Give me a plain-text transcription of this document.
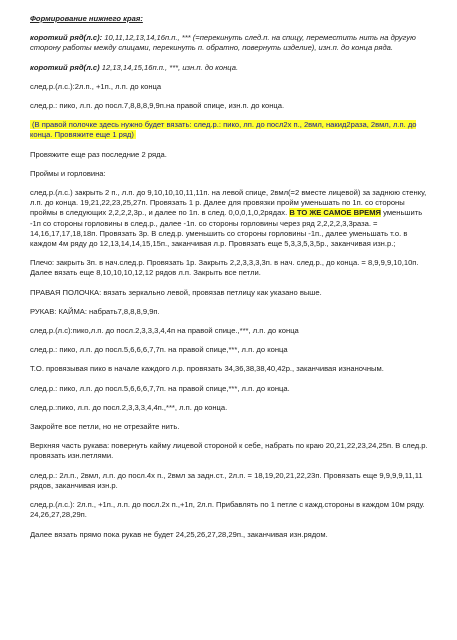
Формирование нижнего края:

короткий ряд(л.с): 10,11,12,13,14,16п.п., *** (=перекинуть след.п. на спицу, переместить нить на другую сторону работы между спицами, перекинуть п. обратно, повернуть изделие), изн.п. до конца ряда.

короткий ряд(л.с) 12,13,14,15,16п.п., ***, изн.п. до конца.

след.р.(л.с.):2л.п., +1п., л.п. до конца

след.р.: пико, л.п. до посл.7,8,8,8,9,9п.на правой спице, изн.п. до конца.

(В правой полочке здесь нужно будет вязать: след.р.: пико, лп. до посл2х п., 2вмл, накид2раза, 2вмл, л.п. до конца. Провяжите еще 1 ряд)

Провяжите еще раз последние 2 ряда.

Проймы и горловина:

след.р.(л.с.) закрыть 2 п., л.п. до 9,10,10,10,11,11п. на левой спице, 2вмл(=2 вместе лицевой) за заднюю стенку, л.п. до конца. 19,21,22,23,25,27п. Провязать 1 р. Далее для провязки пройм уменьшать по 1п. со стороны проймы в следующих 2,2,2,2,3р., и далее по 1п. в след. 0,0,0,1,0,2рядах. В ТО ЖЕ САМОЕ ВРЕМЯ уменьшить -1п со стороны горловины в след.р., далее -1п. со стороны горловины через ряд 2,2,2,2,3,3раза. = 14,16,17,17,18,18п. Провязать 3р. В след.р. уменьшить со стороны горловины -1п., далее уменьшать т.о. в каждом 4м ряду до 12,13,14,14,15,15п., заканчивая л.р. Провязать еще 5,3,3,5,3,5р., заканчивая изн.р.;

Плечо: закрыть 3п. в нач.след.р. Провязать 1р. Закрыть 2,2,3,3,3,3п. в нач. след.р., до конца. = 8,9,9,9,10,10п. Далее вязать еще 8,10,10,10,12,12 рядов л.п. Закрыть все петли.

ПРАВАЯ ПОЛОЧКА: вязать зеркально левой, провязав петлицу как указано выше.

РУКАВ: КАЙМА: набрать7,8,8,8,9,9п.

след.р.(л.с):пико,л.п. до посл.2,3,3,3,4,4п на правой спице.,***, л.п. до конца

след.р.: пико, л.п. до посл.5,6,6,6,7,7п. на правой спице,***, л.п. до конца

Т.О. провязывая пико в начале каждого л.р. провязать 34,36,38,38,40,42р., заканчивая изнаночным.

след.р.: пико, л.п. до посл.5,6,6,6,7,7п. на правой спице,***, л.п. до конца.

след.р.:пико, л.п. до посл.2,3,3,3,4,4п.,***, л.п. до конца.

Закройте все петли, но не отрезайте нить.

Верхняя часть рукава: повернуть кайму лицевой стороной к себе, набрать по краю 20,21,22,23,24,25п. В след.р. провязать изн.петлями.

след.р.: 2л.п., 2вмл, л.п. до посл.4х п., 2вмл за задн.ст., 2л.п. = 18,19,20,21,22,23п. Провязать еще 9,9,9,9,11,11 рядов, заканчивая изн.р.

след.р.(л.с.): 2л.п., +1п., л.п. до посл.2х п.,+1п, 2л.п. Прибавлять по 1 петле с кажд.стороны в каждом 10м ряду. 24,26,27,28,29п.

Далее вязать прямо пока рукав не будет 24,25,26,27,28,29п., заканчивая изн.рядом.
